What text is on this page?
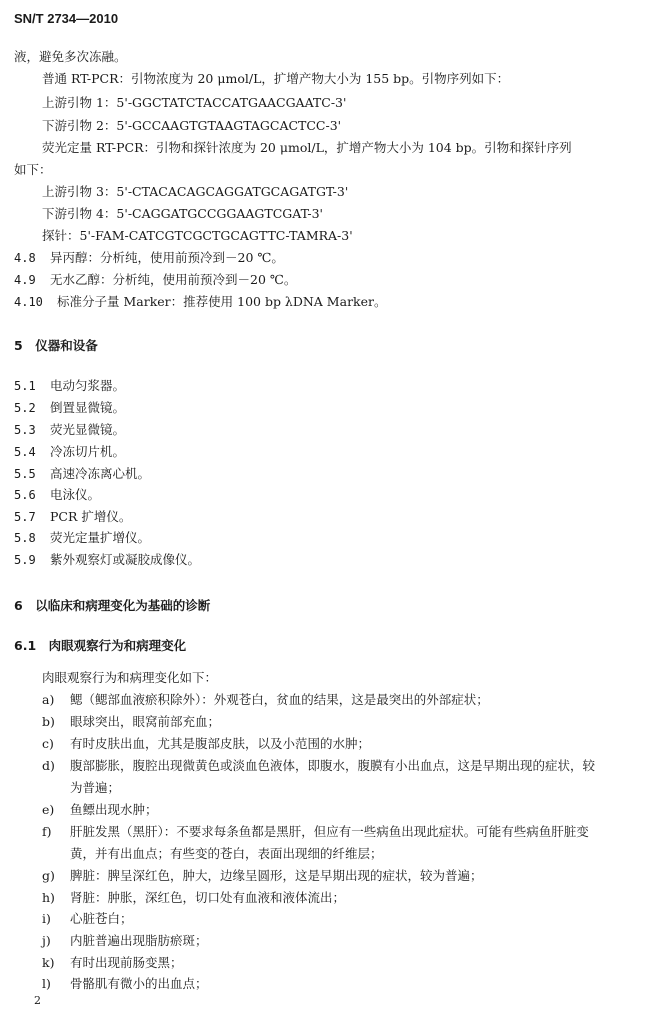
SN/T 2734—2010
液，避免多次冻融。
普通 RT-PCR：引物浓度为 20 μmol/L，扩增产物大小为 155 bp。引物序列如下：
上游引物 1：5'-GGCTATCTACCATGAACGAATC-3'
下游引物 2：5'-GCCAAGTGTAAGTAGCACTCC-3'
荧光定量 RT-PCR：引物和探针浓度为 20 μmol/L，扩增产物大小为 104 bp。引物和探针序列
如下：
上游引物 3：5'-CTACACAGCAGGATGCAGATGT-3'
下游引物 4：5'-CAGGATGCCGGAAGTCGAT-3'
探针：5'-FAM-CATCGTCGCTGCAGTTC-TAMRA-3'
4.8 异丙醇：分析纯，使用前预冷到－20 ℃。
4.9 无水乙醇：分析纯，使用前预冷到－20 ℃。
4.10 标准分子量 Marker：推荐使用 100 bp λDNA Marker。
5　仪器和设备
5.1 电动匀浆器。
5.2 倒置显微镜。
5.3 荧光显微镜。
5.4 冷冻切片机。
5.5 高速冷冻离心机。
5.6 电泳仪。
5.7 PCR 扩增仪。
5.8 荧光定量扩增仪。
5.9 紫外观察灯或凝胶成像仪。
6　以临床和病理变化为基础的诊断
6.1　肉眼观察行为和病理变化
肉眼观察行为和病理变化如下：
a) 鳃（鳃部血液瘀积除外）：外观苍白，贫血的结果，这是最突出的外部症状；
b) 眼球突出，眼窝前部充血；
c) 有时皮肤出血，尤其是腹部皮肤，以及小范围的水肿；
d) 腹部膨胀，腹腔出现微黄色或淡血色液体，即腹水，腹膜有小出血点，这是早期出现的症状，较
为普遍；
e) 鱼鳔出现水肿；
f) 肝脏发黑（黑肝）：不要求每条鱼都是黑肝，但应有一些病鱼出现此症状。可能有些病鱼肝脏变
黄，并有出血点；有些变的苍白，表面出现细的纤维层；
g) 脾脏：脾呈深红色，肿大，边缘呈圆形，这是早期出现的症状，较为普遍；
h) 肾脏：肿胀，深红色，切口处有血液和液体流出；
i) 心脏苍白；
j) 内脏普遍出现脂肪瘀斑；
k) 有时出现前肠变黑；
l) 骨骼肌有微小的出血点；
2
